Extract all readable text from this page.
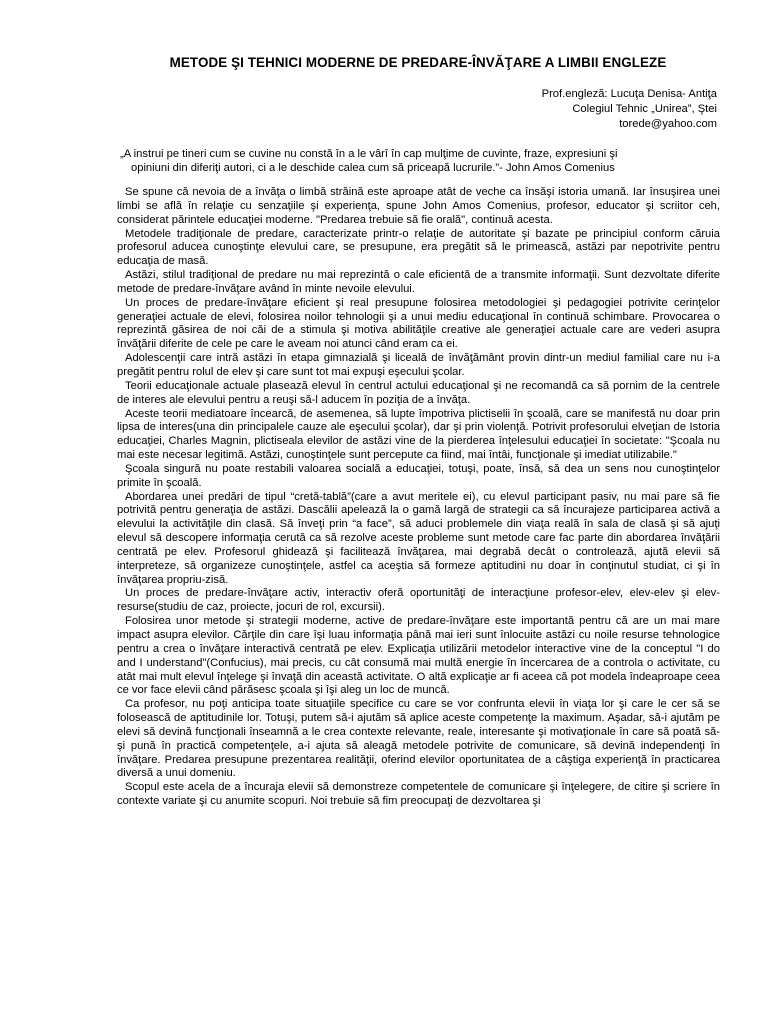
METODE ŞI TEHNICI MODERNE DE PREDARE-ÎNVĂŢARE A LIMBII ENGLEZE
Prof.engleză: Lucuţa Denisa- Antiţa
Colegiul Tehnic „Unirea”, Ştei
torede@yahoo.com
„A instrui pe tineri cum se cuvine nu constă în a le vârî în cap mulţime de cuvinte, fraze, expresiuni şi
opiniuni din diferiţi autori, ci a le deschide calea cum să priceapă lucrurile.”- John Amos Comenius

Se spune că nevoia de a învăţa o limbă străină este aproape atât de veche ca însăşi istoria umană. Iar însuşirea unei limbi se află în relaţie cu senzaţiile şi experienţa, spune John Amos Comenius, profesor, educator şi scriitor ceh, considerat părintele educaţiei moderne. "Predarea trebuie să fie orală", continuă acesta.

Metodele tradiţionale de predare, caracterizate printr-o relaţie de autoritate şi bazate pe principiul conform căruia profesorul aducea cunoştinţe elevului care, se presupune, era pregătit să le primească, astăzi par nepotrivite pentru educaţia de masă.

Astăzi, stilul tradiţional de predare nu mai reprezintă o cale eficientă de a transmite informaţii. Sunt dezvoltate diferite metode de predare-învăţare având în minte nevoile elevului.

Un proces de predare-învăţare eficient şi real presupune folosirea metodologiei şi pedagogiei potrivite cerinţelor generaţiei actuale de elevi, folosirea noilor tehnologii şi a unui mediu educaţional în continuă schimbare. Provocarea o reprezintă găsirea de noi căi de a stimula şi motiva abilităţile creative ale generaţiei actuale care are vederi asupra învăţării diferite de cele pe care le aveam noi atunci când eram ca ei.

Adolescenţii care intră astăzi în etapa gimnazială şi liceală de învăţământ provin dintr-un mediul familial care nu i-a pregătit pentru rolul de elev şi care sunt tot mai expuşi eşecului şcolar.

Teorii educaţionale actuale plasează elevul în centrul actului educaţional şi ne recomandă ca să pornim de la centrele de interes ale elevului pentru a reuşi să-l aducem în poziţia de a învăţa.

Aceste teorii mediatoare încearcă, de asemenea, să lupte împotriva plictiselii în şcoală, care se manifestă nu doar prin lipsa de interes(una din principalele cauze ale eşecului şcolar), dar şi prin violenţă. Potrivit profesorului elveţian de Istoria educaţiei, Charles Magnin, plictiseala elevilor de astăzi vine de la pierderea înţelesului educaţiei în societate: "Şcoala nu mai este necesar legitimă. Astăzi, cunoştinţele sunt percepute ca fiind, mai întâi, funcţionale şi imediat utilizabile."

Şcoala singură nu poate restabili valoarea socială a educaţiei, totuşi, poate, însă, să dea un sens nou cunoştinţelor primite în şcoală.

Abordarea unei predări de tipul “cretă-tablă”(care a avut meritele ei), cu elevul participant pasiv, nu mai pare să fie potrivită pentru generaţia de astăzi. Dascălii apelează la o gamă largă de strategii ca să încurajeze participarea activă a elevului la activităţile din clasă. Să înveţi prin “a face”, să aduci problemele din viaţa reală în sala de clasă şi să ajuţi elevul să descopere informaţia cerută ca să rezolve aceste probleme sunt metode care fac parte din abordarea învăţării centrată pe elev. Profesorul ghidează şi facilitează învăţarea, mai degrabă decât o controlează, ajută elevii să interpreteze, să organizeze cunoştinţele, astfel ca aceştia să formeze aptitudini nu doar în conţinutul studiat, ci şi în învăţarea propriu-zisă.

Un proces de predare-învăţare activ, interactiv oferă oportunităţi de interacţiune profesor-elev, elev-elev şi elev-resurse(studiu de caz, proiecte, jocuri de rol, excursii).

Folosirea unor metode şi strategii moderne, active de predare-învăţare este importantă pentru că are un mai mare impact asupra elevilor. Cărţile din care îşi luau informaţia până mai ieri sunt înlocuite astăzi cu noile resurse tehnologice pentru a crea o învăţare interactivă centrată pe elev. Explicaţia utilizării metodelor interactive vine de la conceptul "I do and I understand"(Confucius), mai precis, cu cât consumă mai multă energie în încercarea de a controla o activitate, cu atât mai mult elevul înţelege şi învaţă din această activitate. O altă explicaţie ar fi aceea că pot modela îndeaproape ceea ce vor face elevii când părăsesc şcoala şi îşi aleg un loc de muncă.

Ca profesor, nu poţi anticipa toate situaţiile specifice cu care se vor confrunta elevii în viaţa lor şi care le cer să se folosească de aptitudinile lor. Totuşi, putem să-i ajutăm să aplice aceste competenţe la maximum. Aşadar, să-i ajutăm pe elevi să devină funcţionali înseamnă a le crea contexte relevante, reale, interesante şi motivaţionale în care să poată să-şi pună în practică competenţele, a-i ajuta să aleagă metodele potrivite de comunicare, să devină independenţi în învăţare. Predarea presupune prezentarea realităţii, oferind elevilor oportunitatea de a câştiga experienţă în practicarea diversă a unui domeniu.

Scopul este acela de a încuraja elevii să demonstreze competentele de comunicare şi înţelegere, de citire şi scriere în contexte variate şi cu anumite scopuri. Noi trebuie să fim preocupaţi de dezvoltarea şi
